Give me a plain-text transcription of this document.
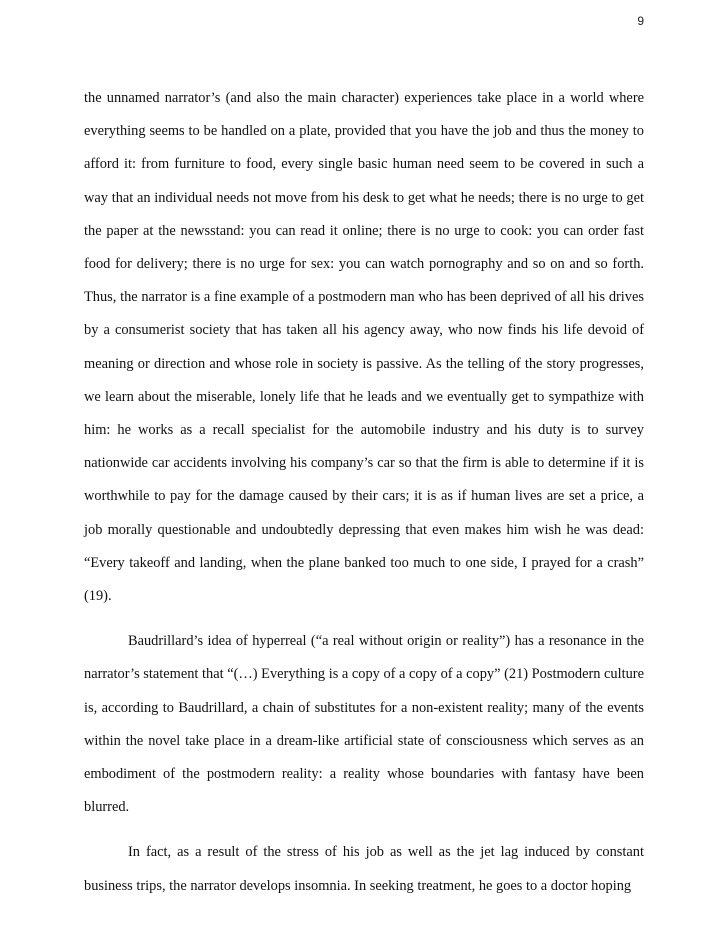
9

the unnamed narrator’s (and also the main character) experiences take place in a world where everything seems to be handled on a plate, provided that you have the job and thus the money to afford it: from furniture to food, every single basic human need seem to be covered in such a way that an individual needs not move from his desk to get what he needs; there is no urge to get the paper at the newsstand: you can read it online; there is no urge to cook: you can order fast food for delivery; there is no urge for sex: you can watch pornography and so on and so forth. Thus, the narrator is a fine example of a postmodern man who has been deprived of all his drives by a consumerist society that has taken all his agency away, who now finds his life devoid of meaning or direction and whose role in society is passive. As the telling of the story progresses, we learn about the miserable, lonely life that he leads and we eventually get to sympathize with him: he works as a recall specialist for the automobile industry and his duty is to survey nationwide car accidents involving his company’s car so that the firm is able to determine if it is worthwhile to pay for the damage caused by their cars; it is as if human lives are set a price, a job morally questionable and undoubtedly depressing that even makes him wish he was dead: “Every takeoff and landing, when the plane banked too much to one side, I prayed for a crash” (19).

Baudrillard’s idea of hyperreal (“a real without origin or reality”) has a resonance in the narrator’s statement that “(…) Everything is a copy of a copy of a copy” (21) Postmodern culture is, according to Baudrillard, a chain of substitutes for a non-existent reality; many of the events within the novel take place in a dream-like artificial state of consciousness which serves as an embodiment of the postmodern reality: a reality whose boundaries with fantasy have been blurred.

In fact, as a result of the stress of his job as well as the jet lag induced by constant business trips, the narrator develops insomnia. In seeking treatment, he goes to a doctor hoping
